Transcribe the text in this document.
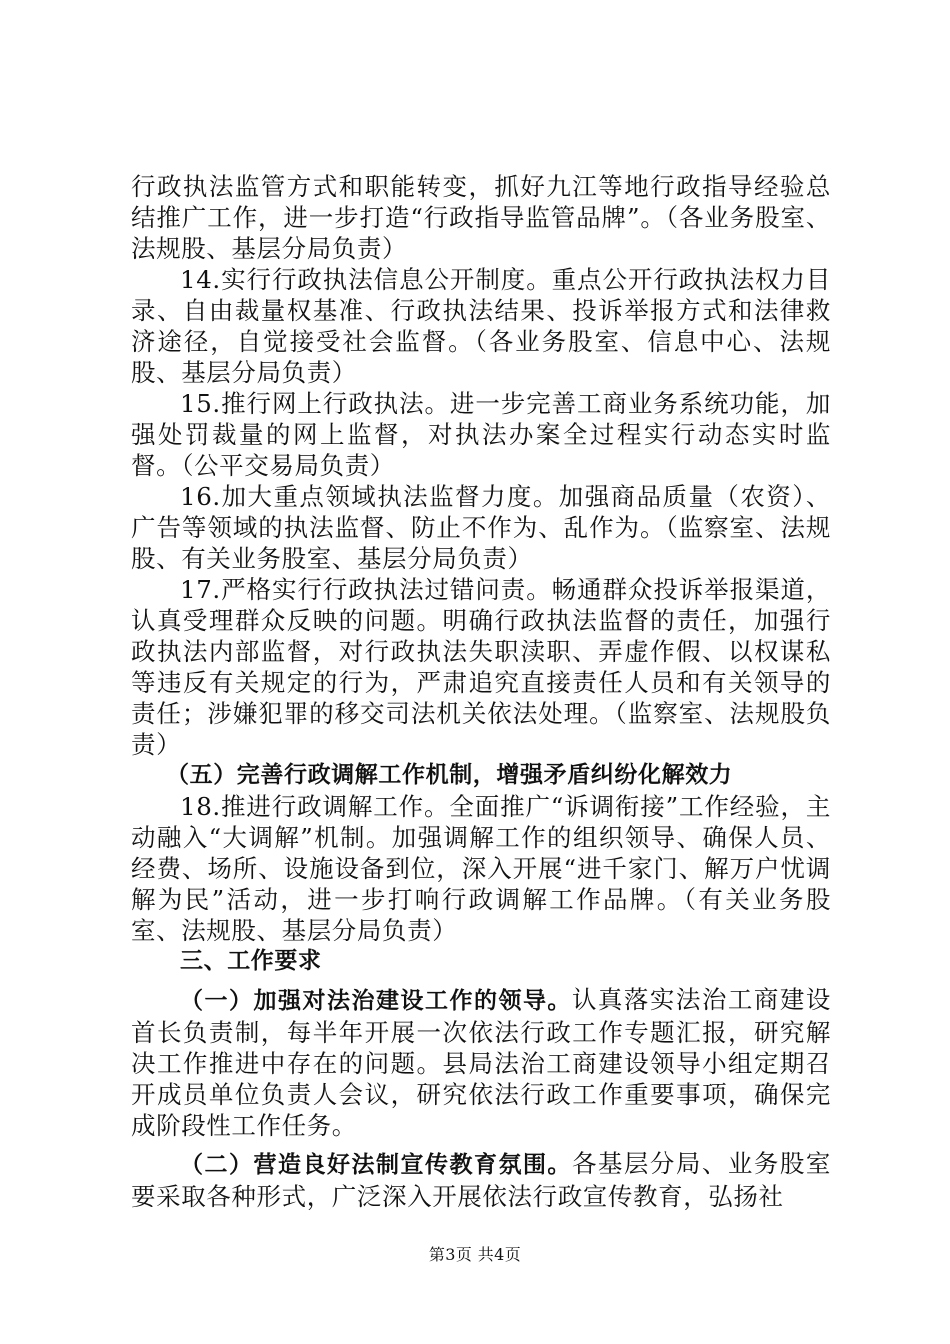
行政执法监管方式和职能转变，抓好九江等地行政指导经验总结推广工作，进一步打造“行政指导监管品牌”。（各业务股室、法规股、基层分局负责）

14.实行行政执法信息公开制度。重点公开行政执法权力目录、自由裁量权基准、行政执法结果、投诉举报方式和法律救济途径，自觉接受社会监督。（各业务股室、信息中心、法规股、基层分局负责）

15.推行网上行政执法。进一步完善工商业务系统功能，加强处罚裁量的网上监督，对执法办案全过程实行动态实时监督。（公平交易局负责）

16.加大重点领域执法监督力度。加强商品质量（农资）、广告等领域的执法监督、防止不作为、乱作为。（监察室、法规股、有关业务股室、基层分局负责）

17.严格实行行政执法过错问责。畅通群众投诉举报渠道，认真受理群众反映的问题。明确行政执法监督的责任，加强行政执法内部监督，对行政执法失职渎职、弄虚作假、以权谋私等违反有关规定的行为，严肃追究直接责任人员和有关领导的责任；涉嫌犯罪的移交司法机关依法处理。（监察室、法规股负责）

（五）完善行政调解工作机制，增强矛盾纠纷化解效力

18.推进行政调解工作。全面推广“诉调衔接”工作经验，主动融入“大调解”机制。加强调解工作的组织领导、确保人员、经费、场所、设施设备到位，深入开展“进千家门、解万户忧调解为民”活动，进一步打响行政调解工作品牌。（有关业务股室、法规股、基层分局负责）

三、工作要求

（一）加强对法治建设工作的领导。认真落实法治工商建设首长负责制，每半年开展一次依法行政工作专题汇报，研究解决工作推进中存在的问题。县局法治工商建设领导小组定期召开成员单位负责人会议，研究依法行政工作重要事项，确保完成阶段性工作任务。

（二）营造良好法制宣传教育氛围。各基层分局、业务股室要采取各种形式，广泛深入开展依法行政宣传教育，弘扬社

第3页 共4页
